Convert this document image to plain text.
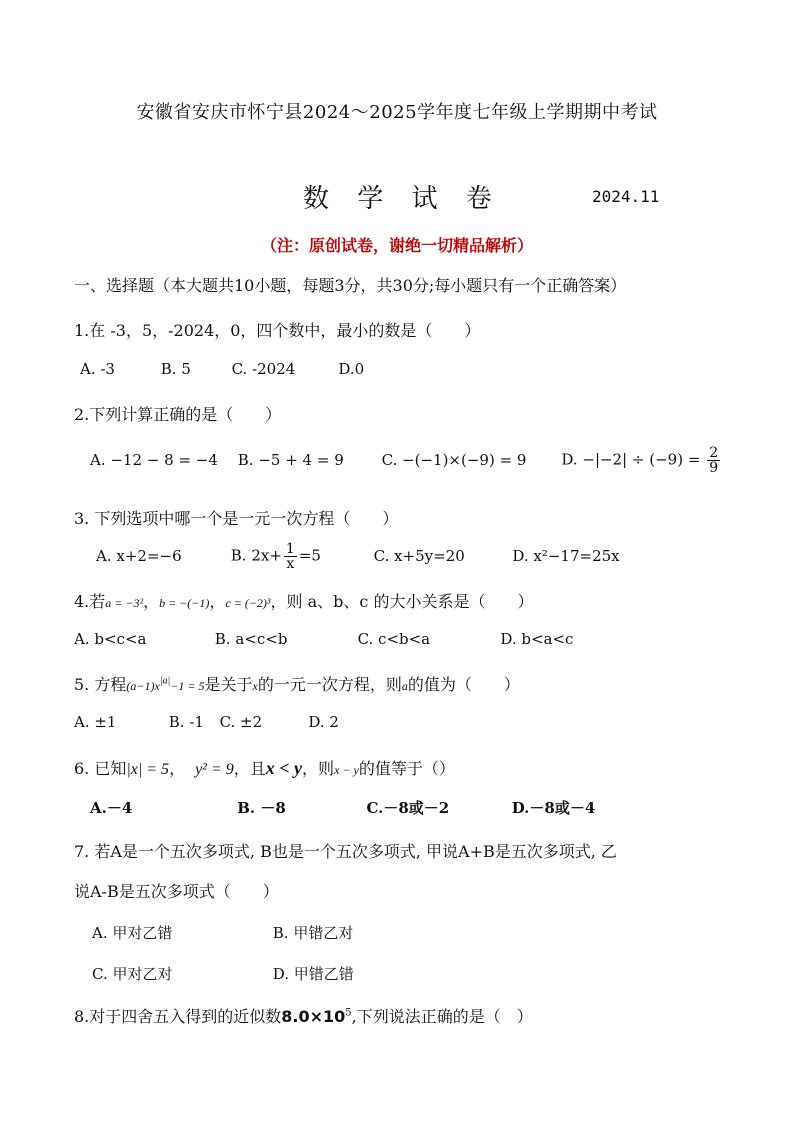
安徽省安庆市怀宁县2024～2025学年度七年级上学期期中考试
数 学 试 卷	2024.11
（注：原创试卷，谢绝一切精品解析）
一、选择题（本大题共10小题，每题3分，共30分;每小题只有一个正确答案）
1.在 -3，5，-2024，0，四个数中，最小的数是（　　）
A. -3	B. 5	C. -2024	D.0
2.下列计算正确的是（　　）
A. −12 − 8 = −4 B. −5 + 4 = 9	C. −(−1)×(−9) = 9 D. $-|-2| \div (-9) = \frac{2}{9}$
3. 下列选项中哪一个是一元一次方程（　　）
A. x+2=−6	B. $2x+ \frac{1}{x} =5$	C. x+5y=20	D. x²−17=25x
4.若a = −3²，b = −(−1)，c = (−2)³，则 a、b、c 的大小关系是（　　）
A. b<c<a	B. a<c<b	C. c<b<a	D. b<a<c
5. 方程$(a-1)x^{|a|}-1 = 5$是关于x的一元一次方程，则a的值为（　　）
A. ±1	B. -1 C. ±2	D. 2
6. 已知|x| = 5， y² = 9，且x < y，则x − y的值等于（）
A.－4	B. －8	C.－8或－2	D.－8或－4
7. 若A是一个五次多项式, B也是一个五次多项式, 甲说A+B是五次多项式, 乙
说A-B是五次多项式（　　）
A. 甲对乙错	B. 甲错乙对
C. 甲对乙对	D. 甲错乙错
8.对于四舍五入得到的近似数$8.0\times 10^5$,下列说法正确的是（　）
